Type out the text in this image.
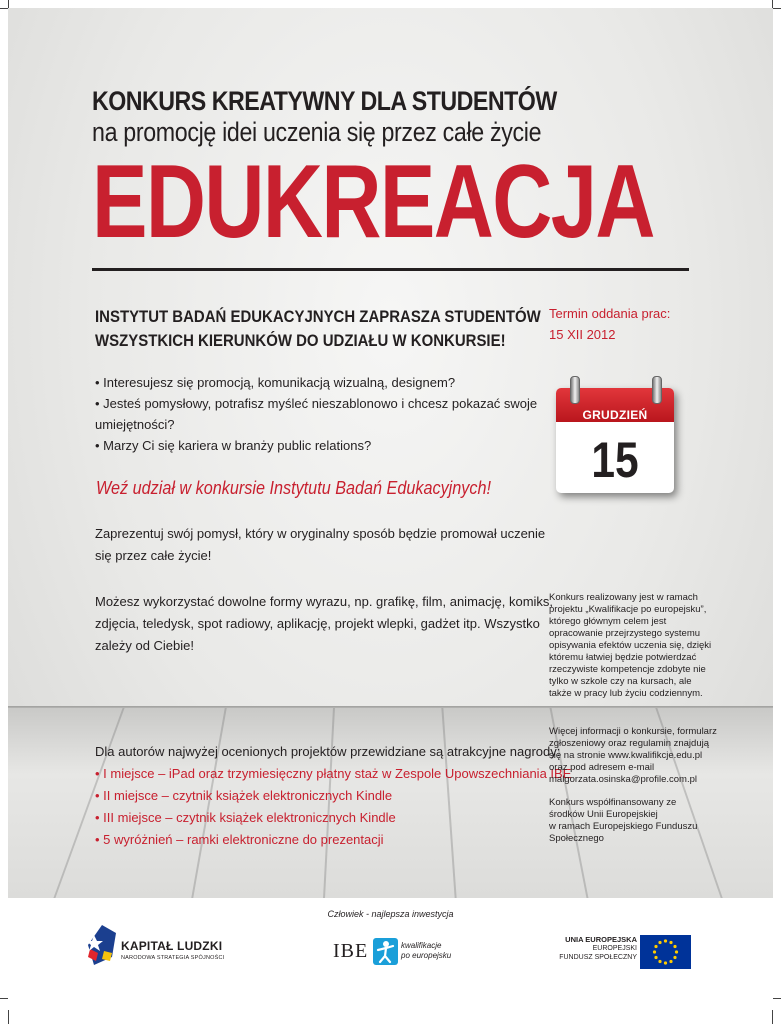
KONKURS KREATYWNY DLA STUDENTÓW
na promocję idei uczenia się przez całe życie
EDUKREACJA
INSTYTUT BADAŃ EDUKACYJNYCH ZAPRASZA STUDENTÓW
WSZYSTKICH KIERUNKÓW DO UDZIAŁU W KONKURSIE!
Termin oddania prac:
15 XII 2012
GRUDZIEŃ
15
• Interesujesz się promocją, komunikacją wizualną, designem?
• Jesteś pomysłowy, potrafisz myśleć nieszablonowo i chcesz pokazać swoje
umiejętności?
• Marzy Ci się kariera w branży public relations?
Weź udział w konkursie Instytutu Badań Edukacyjnych!
Zaprezentuj swój pomysł, który w oryginalny sposób będzie promował uczenie
się przez całe życie!
Możesz wykorzystać dowolne formy wyrazu, np. grafikę, film, animację, komiks,
zdjęcia, teledysk, spot radiowy, aplikację, projekt wlepki, gadżet itp. Wszystko
zależy od Ciebie!
Dla autorów najwyżej ocenionych projektów przewidziane są atrakcyjne nagrody:
• I miejsce – iPad oraz trzymiesięczny płatny staż w Zespole Upowszechniania IBE
• II miejsce – czytnik książek elektronicznych Kindle
• III miejsce – czytnik książek elektronicznych Kindle
• 5 wyróżnień – ramki elektroniczne do prezentacji
Konkurs realizowany jest w ramach
projektu „Kwalifikacje po europejsku”,
którego głównym celem jest
opracowanie przejrzystego systemu
opisywania efektów uczenia się, dzięki
któremu łatwiej będzie potwierdzać
rzeczywiste kompetencje zdobyte nie
tylko w szkole czy na kursach, ale
także w pracy lub życiu codziennym.
Więcej informacji o konkursie, formularz
zgłoszeniowy oraz regulamin znajdują
się na stronie www.kwalifikcje.edu.pl
oraz pod adresem e-mail
malgorzata.osinska@profile.com.pl
Konkurs współfinansowany ze
środków Unii Europejskiej
w ramach Europejskiego Funduszu
Społecznego
Człowiek - najlepsza inwestycja
KAPITAŁ LUDZKI
NARODOWA STRATEGIA SPÓJNOŚCI	IBE	kwalifikacje
po europejsku
UNIA EUROPEJSKA
EUROPEJSKI
FUNDUSZ SPOŁECZNY
